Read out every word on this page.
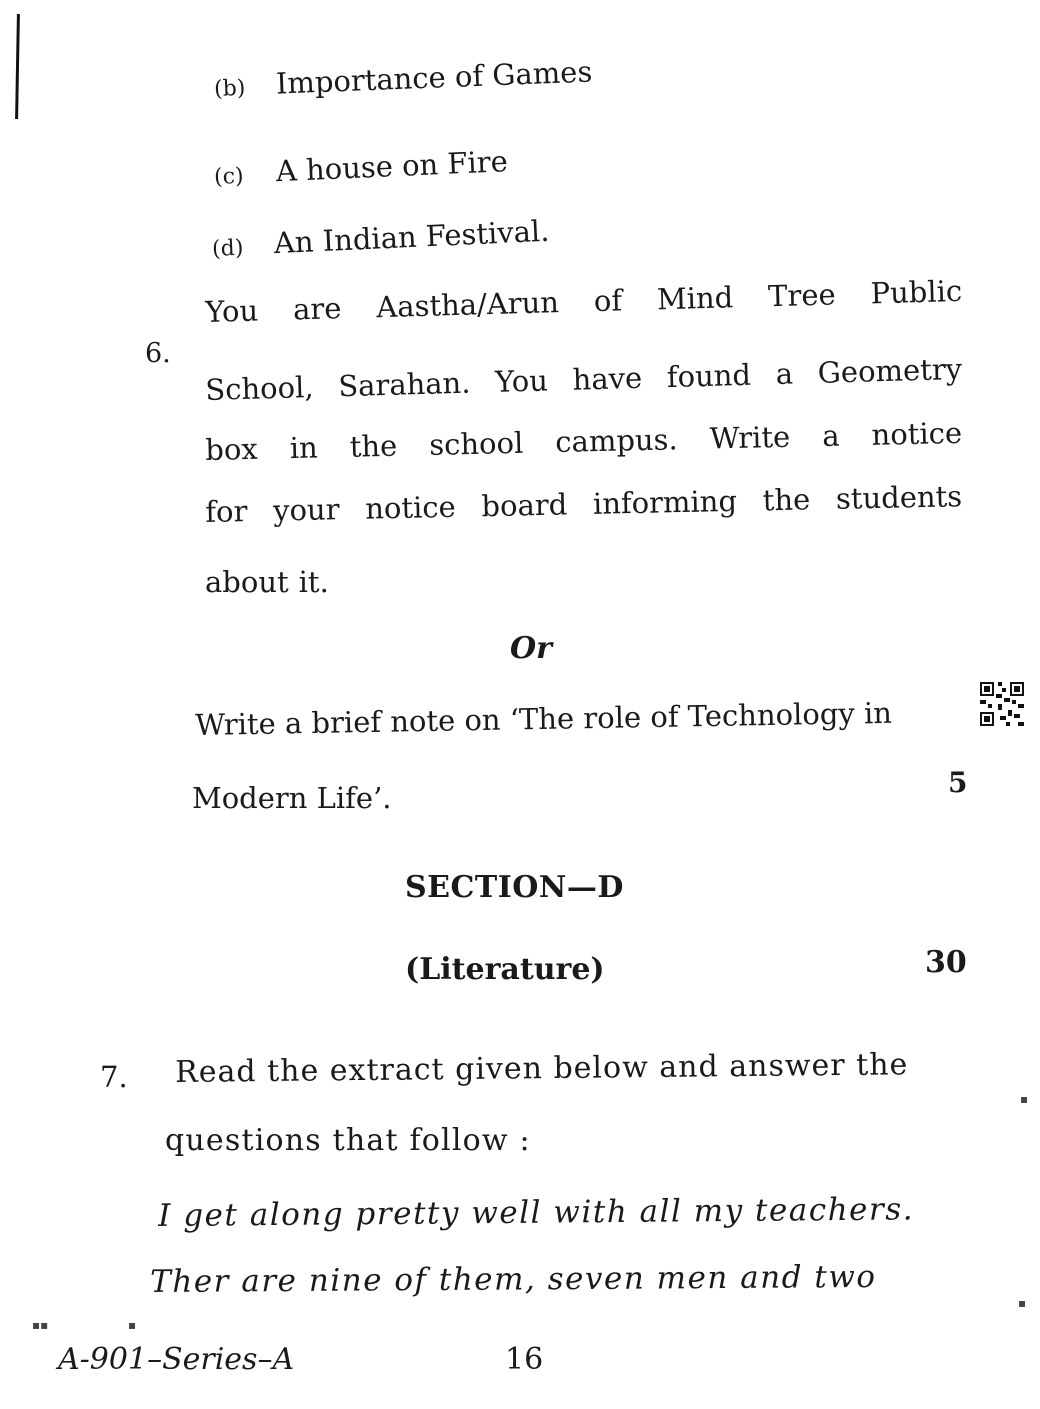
(b) Importance of Games
(c) A house on Fire
(d) An Indian Festival.
6.
You are Aastha/Arun of Mind Tree Public
School, Sarahan. You have found a Geometry
box in the school campus. Write a notice
for your notice board informing the students
about it.
Or
Write a brief note on ‘The role of Technology in
Modern Life’.	5
SECTION—D
(Literature)	30
7. Read the extract given below and answer the
questions that follow :
I get along pretty well with all my teachers.
Ther are nine of them, seven men and two
▪▪	▪
▪
▪
A-901–Series–A	16
